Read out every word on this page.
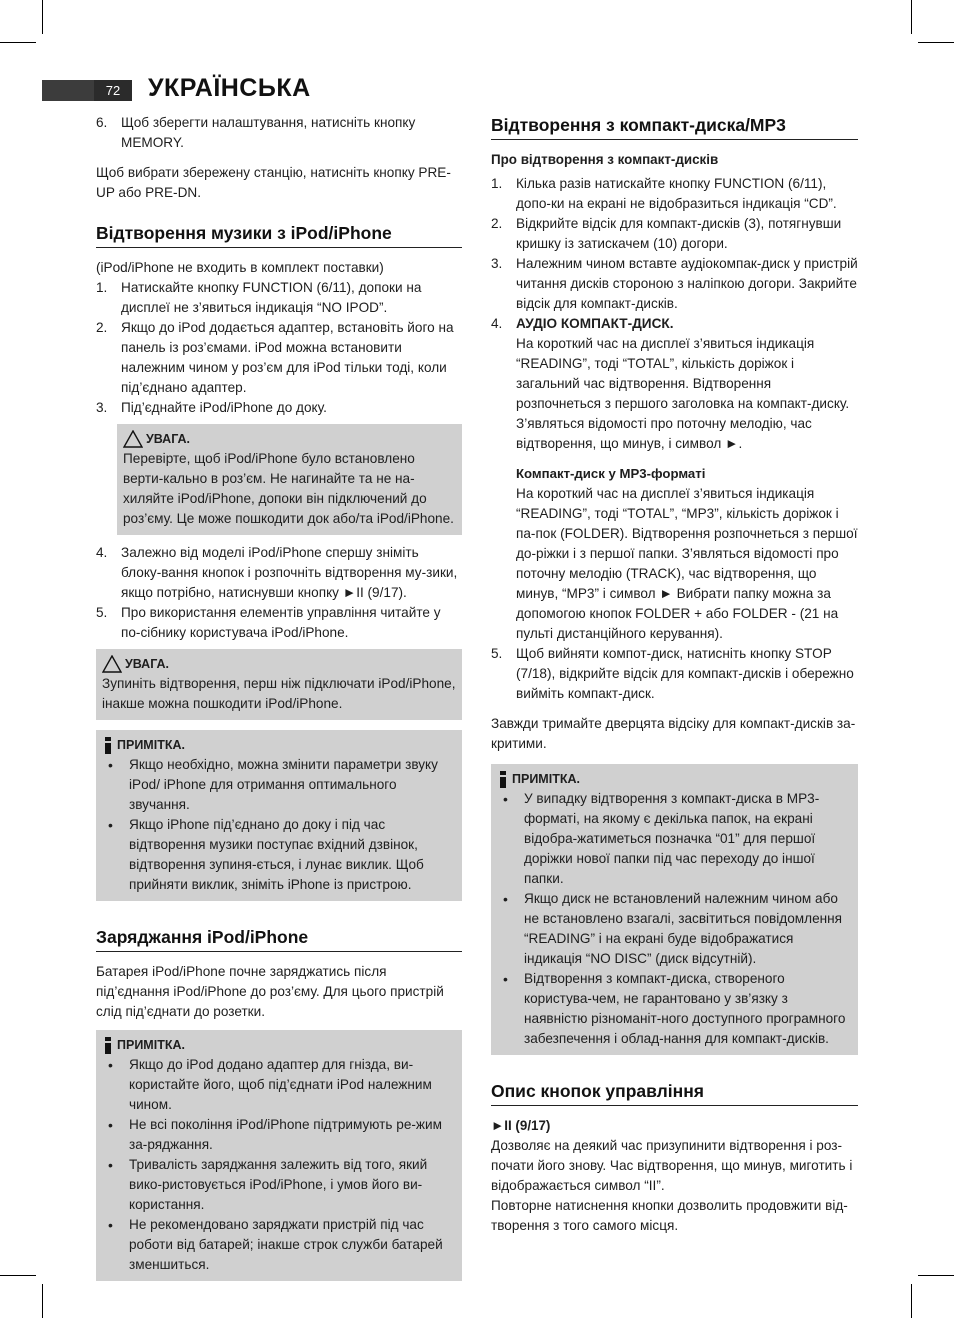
72	УКРАЇНСЬКА
6. Щоб зберегти налаштування, натисніть кнопку MEMORY.

Щоб вибрати збережену станцію, натисніть кнопку PRE-UP або PRE-DN.

Відтворення музики з iPod/iPhone

(iPod/iPhone не входить в комплект поставки)

1. Натискайте кнопку FUNCTION (6/11), допоки на дисплеї не з’явиться індикація “NO IPOD”.
2. Якщо до iPod додається адаптер, встановіть його на панель із роз’ємами. iPod можна встановити належним чином у роз’єм для iPod тільки тоді, коли під’єднано адаптер.
3. Під’єднайте iPod/iPhone до доку.
УВАГА.

Перевірте, щоб iPod/iPhone було встановлено верти-кально в роз’єм. Не нагинайте та не на-хиляйте iPod/iPhone, допоки він підключений до роз’єму. Це може пошкодити док або/та iPod/iPhone.

4. Залежно від моделі iPod/iPhone спершу зніміть блоку-вання кнопок і розпочніть відтворення му-зики, якщо потрібно, натиснувши кнопку ►II (9/17).
5. Про використання елементів управління читайте у по-сібнику користувача iPod/iPhone.
УВАГА.

Зупиніть відтворення, перш ніж підключати iPod/iPhone, інакше можна пошкодити iPod/iPhone.

ПРИМІТКА.
• Якщо необхідно, можна змінити параметри звуку iPod/ iPhone для отримання оптимального звучання.
• Якщо iPhone під’єднано до доку і під час відтворення музики поступає вхідний дзвінок, відтворення зупиня-ється, і лунає виклик. Щоб прийняти виклик, зніміть iPhone із пристрою.
Заряджання iPod/iPhone

Батарея iPod/iPhone почне заряджатись після під’єднання iPod/iPhone до роз’єму. Для цього пристрій слід під’єднати до розетки.

ПРИМІТКА.
• Якщо до iPod додано адаптер для гнізда, ви-користайте його, щоб під’єднати iPod належним чином.
• Не всі покоління iPod/iPhone підтримують ре-жим за-ряджання.
• Тривалість заряджання залежить від того, який вико-ристовується iPod/iPhone, і умов його ви-користання.
• Не рекомендовано заряджати пристрій під час роботи від батарей; інакше строк служби батарей зменшиться.
Відтворення з компакт-диска/MP3
Про відтворення з компакт-дисків
1. Кілька разів натискайте кнопку FUNCTION (6/11), допо-ки на екрані не відобразиться індикація “CD”.
2. Відкрийте відсік для компакт-дисків (3), потягнувши кришку із затискачем (10) догори.
3. Належним чином вставте аудіокомпак-диск у пристрій читання дисків стороною з наліпкою догори. Закрийте відсік для компакт-дисків.
4. АУДІО КОМПАКТ-ДИСК.
На короткий час на дисплеї з’явиться індикація “READING”, тоді “TOTAL”, кількість доріжок і загальний час відтворення. Відтворення розпочнеться з першого заголовка на компакт-диску. З’являться відомості про поточну мелодію, час відтворення, що минув, і символ ►.
Компакт-диск у MP3-форматі
На короткий час на дисплеї з’явиться індикація “READING”, тоді “TOTAL”, “MP3”, кількість доріжок і па-пок (FOLDER). Відтворення розпочнеться з першої до-ріжки і з першої папки. З’являться відомості про поточну мелодію (TRACK), час відтворення, що минув, “MP3” і символ ► Вибрати папку можна за допомогою кнопок FOLDER + або FOLDER - (21 на пульті дистанційного керування).
5. Щоб вийняти компот-диск, натисніть кнопку STOP (7/18), відкрийте відсік для компакт-дисків і обережно вийміть компакт-диск.

Завжди тримайте дверцята відсіку для компакт-дисків за-критими.

ПРИМІТКА.
• У випадку відтворення з компакт-диска в MP3-форматі, на якому є декілька папок, на екрані відобра-жатиметься позначка “01” для першої доріжки нової папки під час переходу до іншої папки.
• Якщо диск не встановлений належним чином або не встановлено взагалі, засвітиться повідомлення “READING” і на екрані буде відображатися індикація “NO DISC” (диск відсутній).
• Відтворення з компакт-диска, створеного користува-чем, не гарантовано у зв’язку з наявністю різноманіт-ного доступного програмного забезпечення і облад-нання для компакт-дисків.
Опис кнопок управління
►II (9/17)

Дозволяє на деякий час призупинити відтворення і роз-почати його знову. Час відтворення, що минув, миготить і відображається символ “II”.

Повторне натиснення кнопки дозволить продовжити від-творення з того самого місця.
